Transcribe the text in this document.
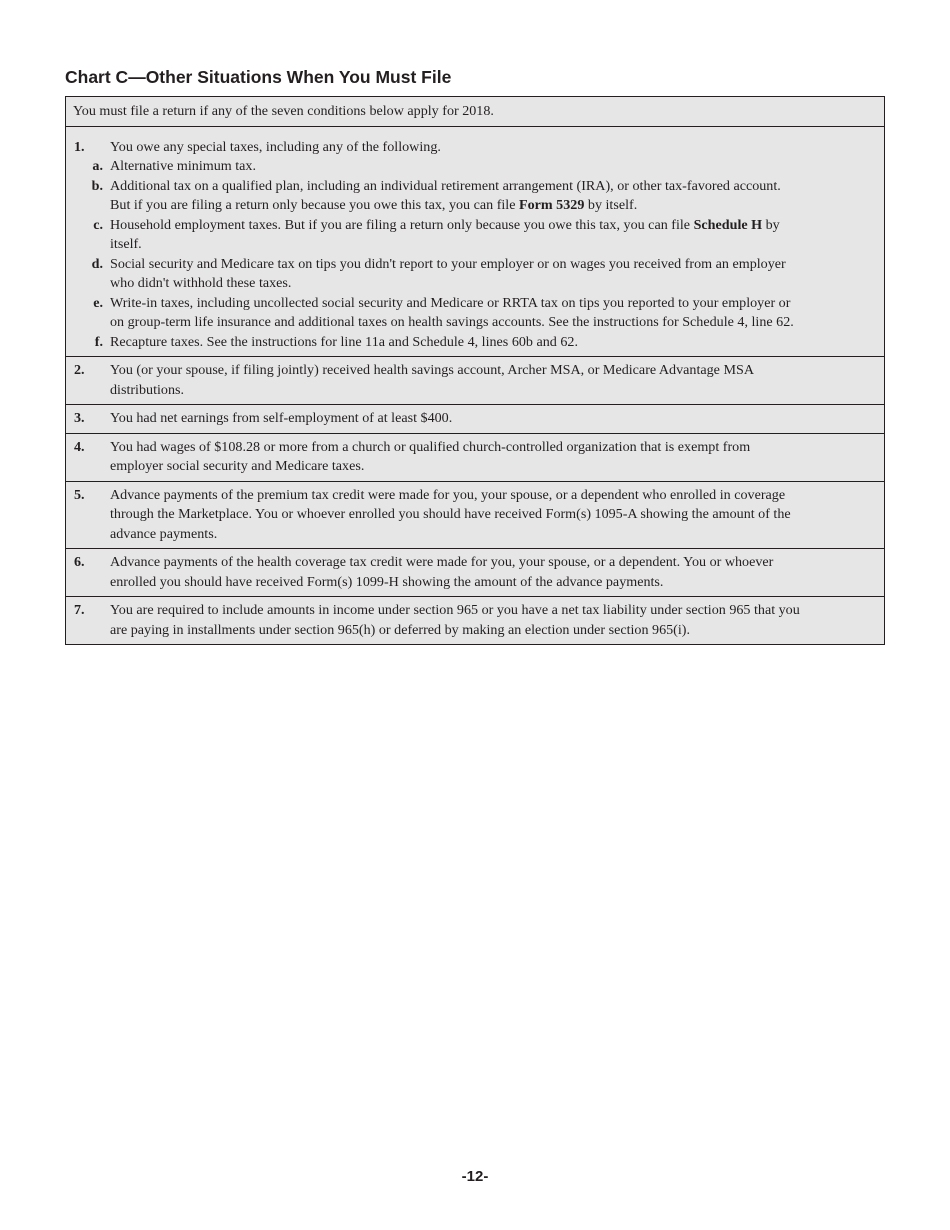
Chart C—Other Situations When You Must File
You must file a return if any of the seven conditions below apply for 2018.
1. You owe any special taxes, including any of the following.
a. Alternative minimum tax.
b. Additional tax on a qualified plan, including an individual retirement arrangement (IRA), or other tax-favored account.
But if you are filing a return only because you owe this tax, you can file Form 5329 by itself.
c. Household employment taxes. But if you are filing a return only because you owe this tax, you can file Schedule H by
itself.
d. Social security and Medicare tax on tips you didn't report to your employer or on wages you received from an employer
who didn't withhold these taxes.
e. Write-in taxes, including uncollected social security and Medicare or RRTA tax on tips you reported to your employer or
on group-term life insurance and additional taxes on health savings accounts. See the instructions for Schedule 4, line 62.
f. Recapture taxes. See the instructions for line 11a and Schedule 4, lines 60b and 62.
2. You (or your spouse, if filing jointly) received health savings account, Archer MSA, or Medicare Advantage MSA
distributions.
3. You had net earnings from self-employment of at least $400.
4. You had wages of $108.28 or more from a church or qualified church-controlled organization that is exempt from
employer social security and Medicare taxes.
5. Advance payments of the premium tax credit were made for you, your spouse, or a dependent who enrolled in coverage
through the Marketplace. You or whoever enrolled you should have received Form(s) 1095-A showing the amount of the
advance payments.
6. Advance payments of the health coverage tax credit were made for you, your spouse, or a dependent. You or whoever
enrolled you should have received Form(s) 1099-H showing the amount of the advance payments.
7. You are required to include amounts in income under section 965 or you have a net tax liability under section 965 that you
are paying in installments under section 965(h) or deferred by making an election under section 965(i).
-12-
